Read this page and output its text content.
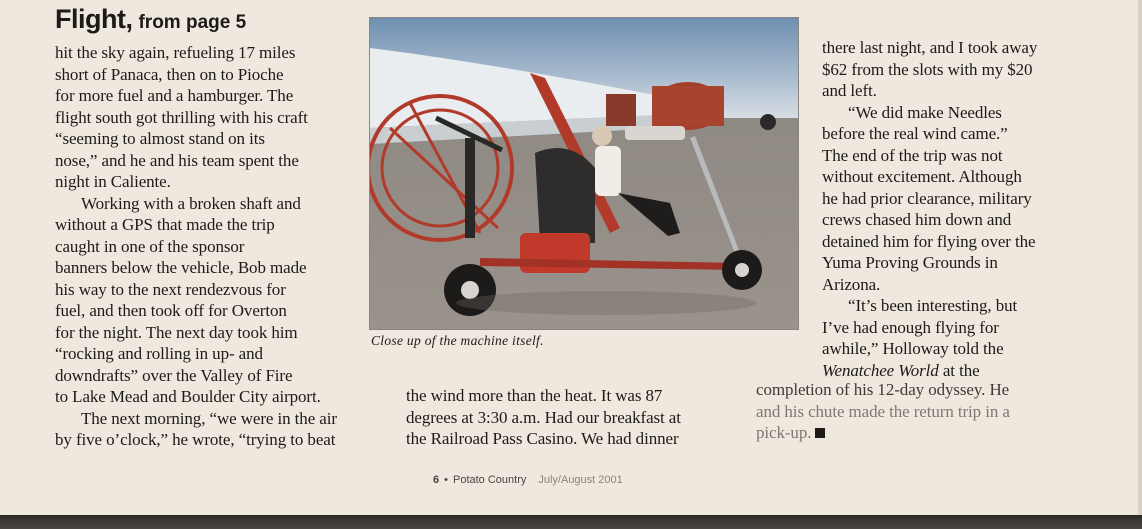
Flight, from page 5

hit the sky again, refueling 17 miles

short of Panaca, then on to Pioche

for more fuel and a hamburger. The

flight south got thrilling with his craft

“seeming to almost stand on its

nose,” and he and his team spent the

night in Caliente.

Working with a broken shaft and

without a GPS that made the trip

caught in one of the sponsor

banners below the vehicle, Bob made

his way to the next rendezvous for

fuel, and then took off for Overton

for the night. The next day took him

“rocking and rolling in up- and

downdrafts” over the Valley of Fire

to Lake Mead and Boulder City airport.

The next morning, “we were in the air

by five o’clock,” he wrote, “trying to beat

Close up of the machine itself.

the wind more than the heat. It was 87

degrees at 3:30 a.m. Had our breakfast at

the Railroad Pass Casino. We had dinner

there last night, and I took away

$62 from the slots with my $20

and left.

“We did make Needles

before the real wind came.”

The end of the trip was not

without excitement. Although

he had prior clearance, military

crews chased him down and

detained him for flying over the

Yuma Proving Grounds in

Arizona.

“It’s been interesting, but

I’ve had enough flying for

awhile,” Holloway told the

Wenatchee World at the

completion of his 12-day odyssey. He

and his chute made the return trip in a

pick-up.

6 • Potato Country July/August 2001
